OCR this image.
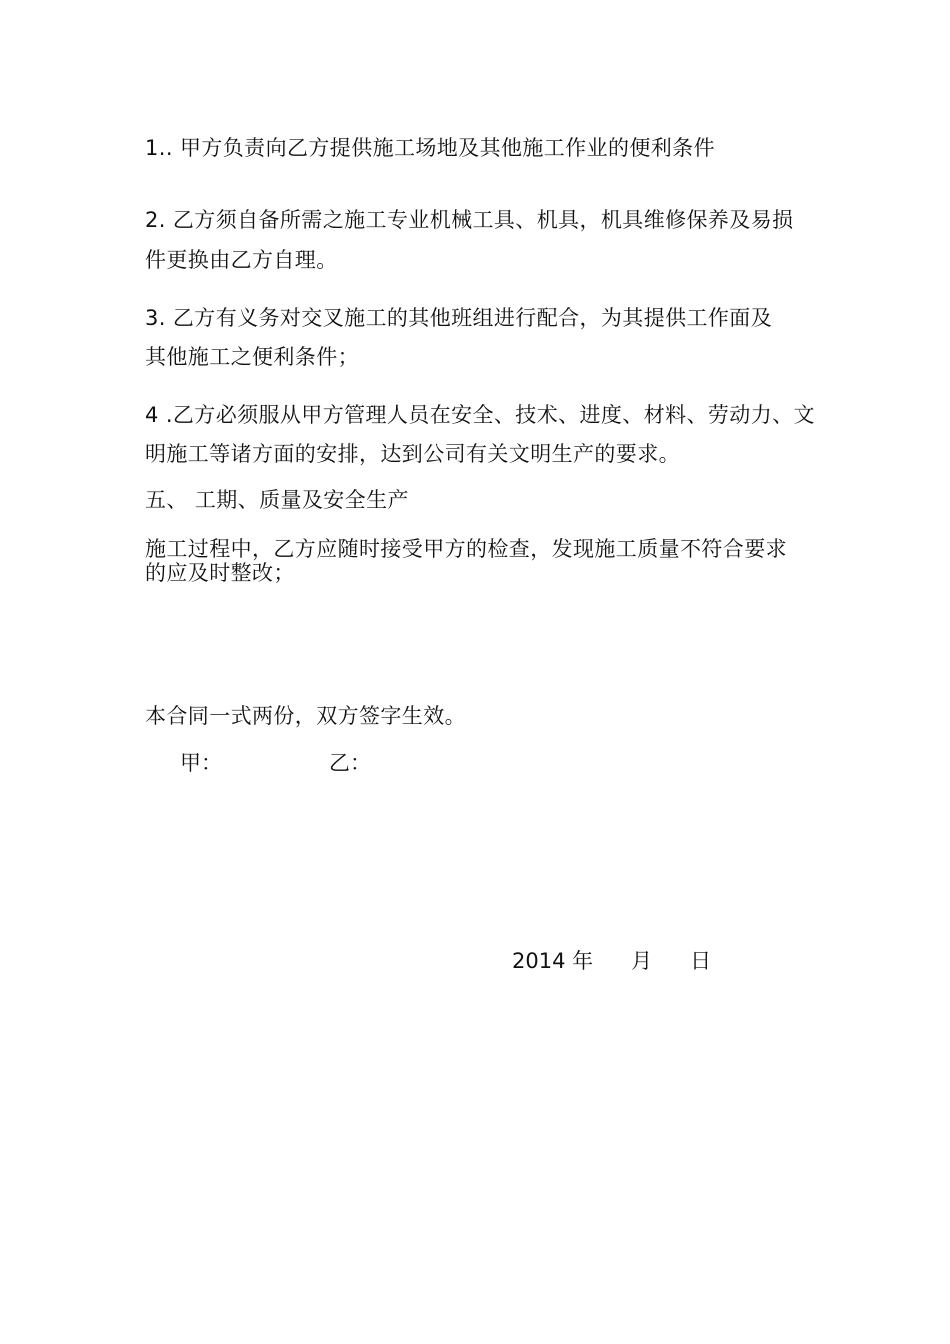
1.. 甲方负责向乙方提供施工场地及其他施工作业的便利条件
2. 乙方须自备所需之施工专业机械工具、机具，机具维修保养及易损
件更换由乙方自理。
3. 乙方有义务对交叉施工的其他班组进行配合，为其提供工作面及
其他施工之便利条件；
4 .乙方必须服从甲方管理人员在安全、技术、进度、材料、劳动力、文
明施工等诸方面的安排，达到公司有关文明生产的要求。
五、 工期、质量及安全生产
施工过程中，乙方应随时接受甲方的检查，发现施工质量不符合要求
的应及时整改；
本合同一式两份，双方签字生效。
甲：	乙：
2014 年 月 日
